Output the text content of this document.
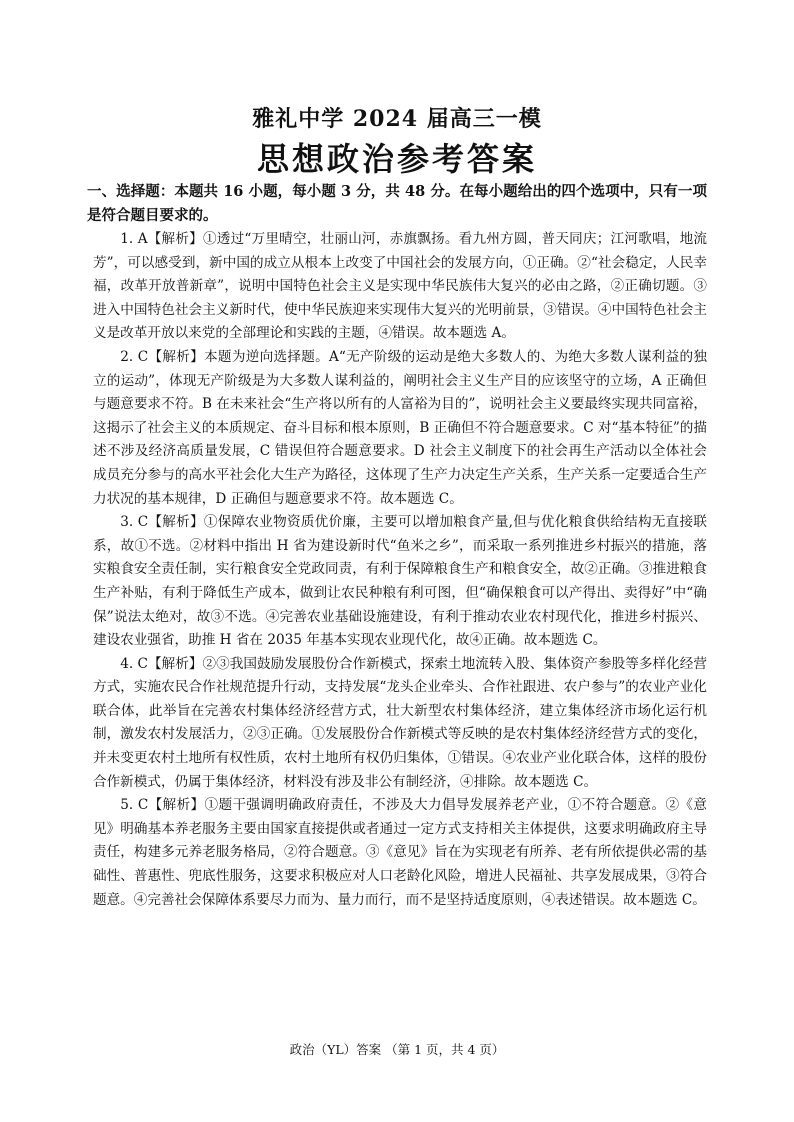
雅礼中学 2024 届高三一模
思想政治参考答案
一、选择题：本题共 16 小题，每小题 3 分，共 48 分。在每小题给出的四个选项中，只有一项是符合题目要求的。

1. A【解析】①透过“万里晴空，壮丽山河，赤旗飘扬。看九州方圆，普天同庆；江河歌唱，地流芳”，可以感受到，新中国的成立从根本上改变了中国社会的发展方向，①正确。②“社会稳定，人民幸福，改革开放普新章”，说明中国特色社会主义是实现中华民族伟大复兴的必由之路，②正确切题。③进入中国特色社会主义新时代，使中华民族迎来实现伟大复兴的光明前景，③错误。④中国特色社会主义是改革开放以来党的全部理论和实践的主题，④错误。故本题选 A。

2. C【解析】本题为逆向选择题。A“无产阶级的运动是绝大多数人的、为绝大多数人谋利益的独立的运动”，体现无产阶级是为大多数人谋利益的，阐明社会主义生产目的应该坚守的立场，A 正确但与题意要求不符。B 在未来社会“生产将以所有的人富裕为目的”，说明社会主义要最终实现共同富裕，这揭示了社会主义的本质规定、奋斗目标和根本原则，B 正确但不符合题意要求。C 对“基本特征”的描述不涉及经济高质量发展，C 错误但符合题意要求。D 社会主义制度下的社会再生产活动以全体社会成员充分参与的高水平社会化大生产为路径，这体现了生产力决定生产关系，生产关系一定要适合生产力状况的基本规律，D 正确但与题意要求不符。故本题选 C。

3. C【解析】①保障农业物资质优价廉，主要可以增加粮食产量,但与优化粮食供给结构无直接联系，故①不选。②材料中指出 H 省为建设新时代“鱼米之乡”，而采取一系列推进乡村振兴的措施，落实粮食安全责任制，实行粮食安全党政同责，有利于保障粮食生产和粮食安全，故②正确。③推进粮食生产补贴，有利于降低生产成本，做到让农民种粮有利可图，但“确保粮食可以产得出、卖得好”中“确保”说法太绝对，故③不选。④完善农业基础设施建设，有利于推动农业农村现代化，推进乡村振兴、建设农业强省，助推 H 省在 2035 年基本实现农业现代化，故④正确。故本题选 C。

4. C【解析】②③我国鼓励发展股份合作新模式，探索土地流转入股、集体资产参股等多样化经营方式，实施农民合作社规范提升行动，支持发展“龙头企业牵头、合作社跟进、农户参与”的农业产业化联合体，此举旨在完善农村集体经济经营方式，壮大新型农村集体经济，建立集体经济市场化运行机制，激发农村发展活力，②③正确。①发展股份合作新模式等反映的是农村集体经济经营方式的变化，并未变更农村土地所有权性质，农村土地所有权仍归集体，①错误。④农业产业化联合体，这样的股份合作新模式，仍属于集体经济，材料没有涉及非公有制经济，④排除。故本题选 C。

5. C【解析】①题干强调明确政府责任，不涉及大力倡导发展养老产业，①不符合题意。②《意见》明确基本养老服务主要由国家直接提供或者通过一定方式支持相关主体提供，这要求明确政府主导责任，构建多元养老服务格局，②符合题意。③《意见》旨在为实现老有所养、老有所依提供必需的基础性、普惠性、兜底性服务，这要求积极应对人口老龄化风险，增进人民福祉、共享发展成果，③符合题意。④完善社会保障体系要尽力而为、量力而行，而不是坚持适度原则，④表述错误。故本题选 C。

政治（YL）答案 （第 1 页，共 4 页）
